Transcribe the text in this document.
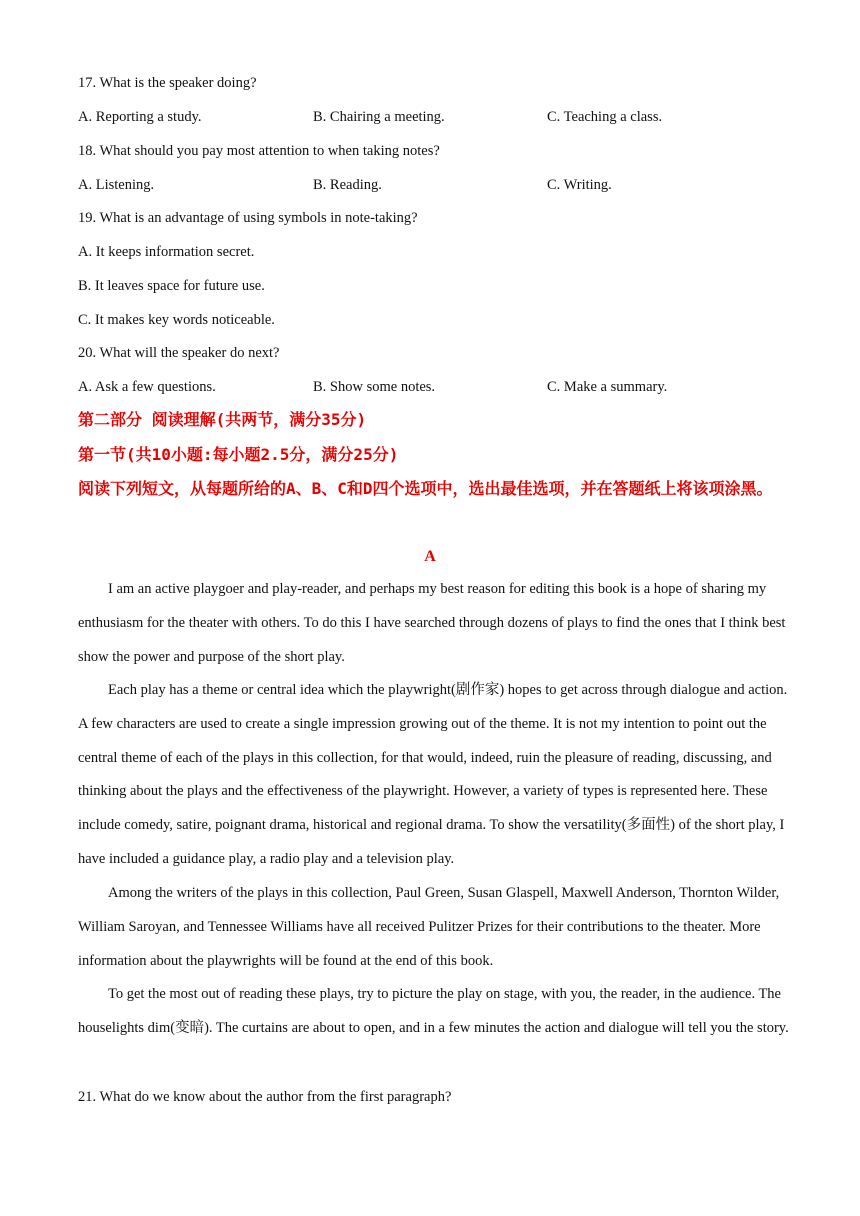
17. What is the speaker doing?
A. Reporting a study.	B. Chairing a meeting.	C. Teaching a class.
18. What should you pay most attention to when taking notes?
A. Listening.	B. Reading.	C. Writing.
19. What is an advantage of using symbols in note-taking?
A. It keeps information secret.
B. It leaves space for future use.
C. It makes key words noticeable.
20. What will the speaker do next?
A. Ask a few questions.	B. Show some notes.	C. Make a summary.
第二部分 阅读理解(共两节，满分35分)
第一节(共10小题:每小题2.5分，满分25分)
阅读下列短文，从每题所给的A、B、C和D四个选项中，选出最佳选项，并在答题纸上将该项涂黑。
A
I am an active playgoer and play-reader, and perhaps my best reason for editing this book is a hope of sharing my enthusiasm for the theater with others. To do this I have searched through dozens of plays to find the ones that I think best show the power and purpose of the short play.
Each play has a theme or central idea which the playwright(剧作家) hopes to get across through dialogue and action. A few characters are used to create a single impression growing out of the theme. It is not my intention to point out the central theme of each of the plays in this collection, for that would, indeed, ruin the pleasure of reading, discussing, and thinking about the plays and the effectiveness of the playwright. However, a variety of types is represented here. These include comedy, satire, poignant drama, historical and regional drama. To show the versatility(多面性) of the short play, I have included a guidance play, a radio play and a television play.
Among the writers of the plays in this collection, Paul Green, Susan Glaspell, Maxwell Anderson, Thornton Wilder, William Saroyan, and Tennessee Williams have all received Pulitzer Prizes for their contributions to the theater. More information about the playwrights will be found at the end of this book.
To get the most out of reading these plays, try to picture the play on stage, with you, the reader, in the audience. The houselights dim(变暗). The curtains are about to open, and in a few minutes the action and dialogue will tell you the story.
21. What do we know about the author from the first paragraph?
